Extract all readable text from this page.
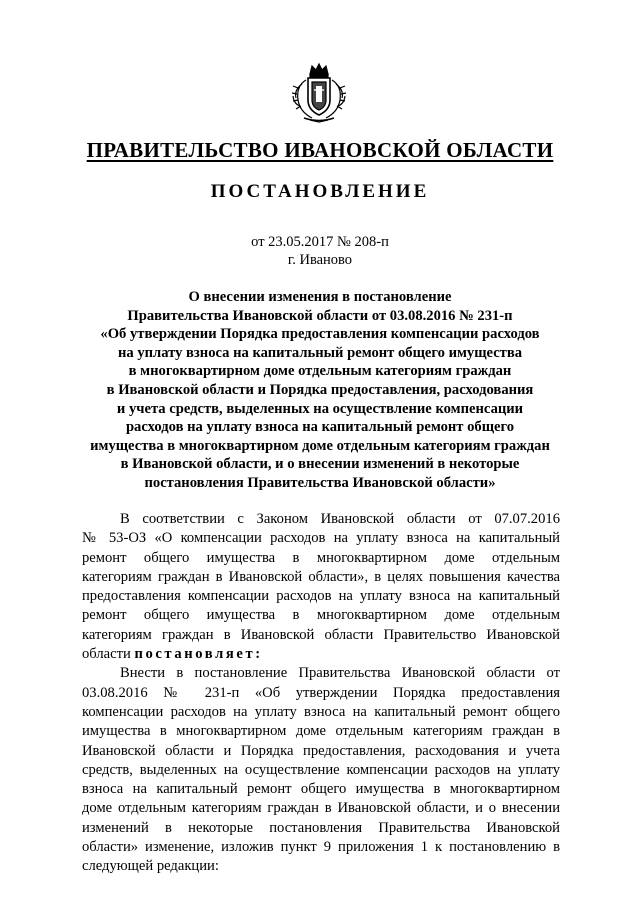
ПРАВИТЕЛЬСТВО ИВАНОВСКОЙ ОБЛАСТИ
ПОСТАНОВЛЕНИЕ
от 23.05.2017 № 208-п
г. Иваново
О внесении изменения в постановление
Правительства Ивановской области от 03.08.2016 № 231-п
«Об утверждении Порядка предоставления компенсации расходов
на уплату взноса на капитальный ремонт общего имущества
в многоквартирном доме отдельным категориям граждан
в Ивановской области и Порядка предоставления, расходования
и учета средств, выделенных на осуществление компенсации
расходов на уплату взноса на капитальный ремонт общего
имущества в многоквартирном доме отдельным категориям граждан
в Ивановской области, и о внесении изменений в некоторые
постановления Правительства Ивановской области»
В соответствии с Законом Ивановской области от 07.07.2016
№ 53-ОЗ «О компенсации расходов на уплату взноса на капитальный
ремонт общего имущества в многоквартирном доме отдельным
категориям граждан в Ивановской области», в целях повышения качества
предоставления компенсации расходов на уплату взноса на капитальный
ремонт общего имущества в многоквартирном доме отдельным
категориям граждан в Ивановской области Правительство Ивановской
области постановляет:
Внести в постановление Правительства Ивановской области от
03.08.2016 № 231-п «Об утверждении Порядка предоставления
компенсации расходов на уплату взноса на капитальный ремонт общего
имущества в многоквартирном доме отдельным категориям граждан в
Ивановской области и Порядка предоставления, расходования и учета
средств, выделенных на осуществление компенсации расходов на уплату
взноса на капитальный ремонт общего имущества в многоквартирном
доме отдельным категориям граждан в Ивановской области, и о внесении
изменений в некоторые постановления Правительства Ивановской
области» изменение, изложив пункт 9 приложения 1 к постановлению в
следующей редакции:
